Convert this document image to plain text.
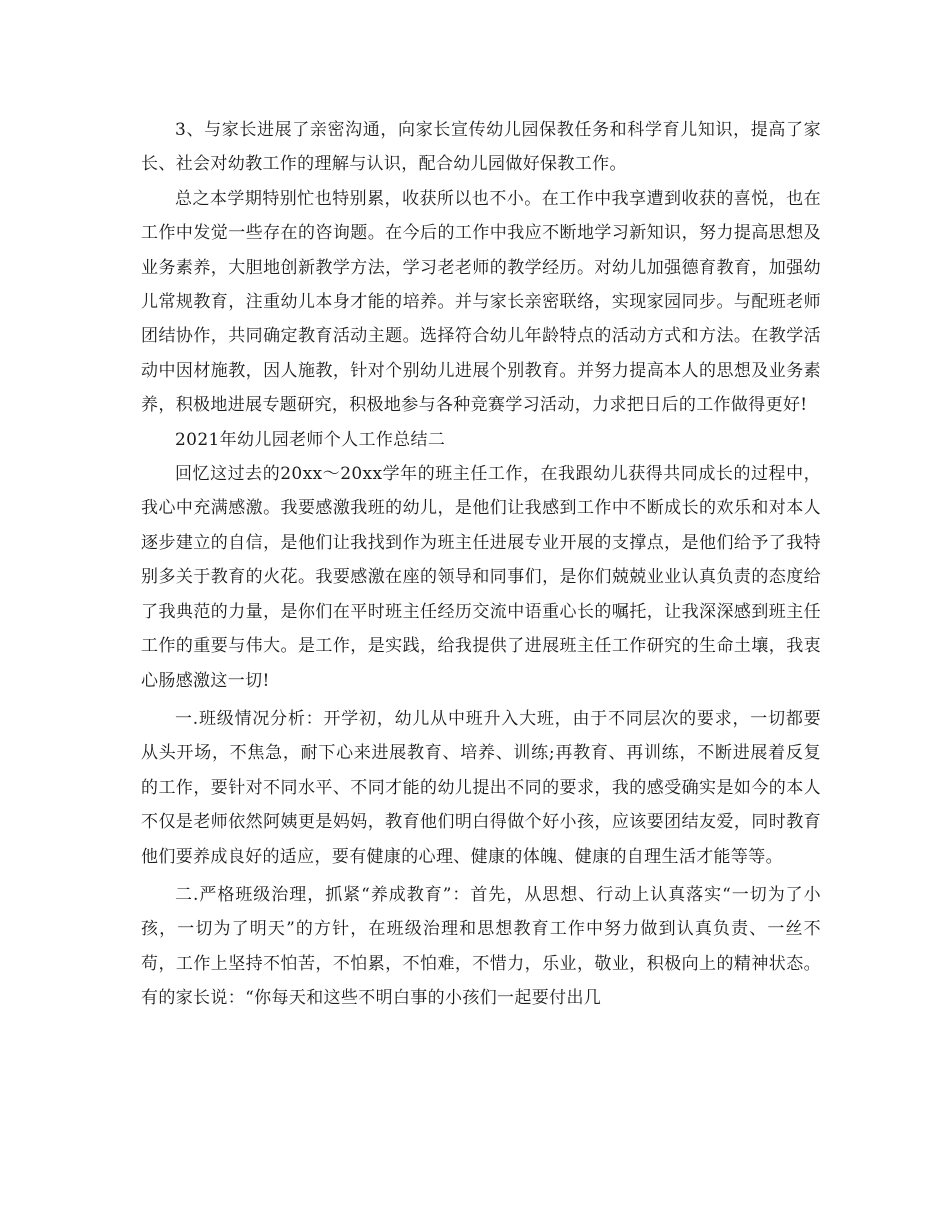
3、与家长进展了亲密沟通，向家长宣传幼儿园保教任务和科学育儿知识，提高了家长、社会对幼教工作的理解与认识，配合幼儿园做好保教工作。

总之本学期特别忙也特别累，收获所以也不小。在工作中我享遭到收获的喜悦，也在工作中发觉一些存在的咨询题。在今后的工作中我应不断地学习新知识，努力提高思想及业务素养，大胆地创新教学方法，学习老老师的教学经历。对幼儿加强德育教育，加强幼儿常规教育，注重幼儿本身才能的培养。并与家长亲密联络，实现家园同步。与配班老师团结协作，共同确定教育活动主题。选择符合幼儿年龄特点的活动方式和方法。在教学活动中因材施教，因人施教，针对个别幼儿进展个别教育。并努力提高本人的思想及业务素养，积极地进展专题研究，积极地参与各种竞赛学习活动，力求把日后的工作做得更好!

2021年幼儿园老师个人工作总结二

回忆这过去的20xx～20xx学年的班主任工作，在我跟幼儿获得共同成长的过程中，我心中充满感激。我要感激我班的幼儿，是他们让我感到工作中不断成长的欢乐和对本人逐步建立的自信，是他们让我找到作为班主任进展专业开展的支撑点，是他们给予了我特别多关于教育的火花。我要感激在座的领导和同事们，是你们兢兢业业认真负责的态度给了我典范的力量，是你们在平时班主任经历交流中语重心长的嘱托，让我深深感到班主任工作的重要与伟大。是工作，是实践，给我提供了进展班主任工作研究的生命土壤，我衷心肠感激这一切!

一.班级情况分析：开学初，幼儿从中班升入大班，由于不同层次的要求，一切都要从头开场，不焦急，耐下心来进展教育、培养、训练;再教育、再训练，不断进展着反复的工作，要针对不同水平、不同才能的幼儿提出不同的要求，我的感受确实是如今的本人不仅是老师依然阿姨更是妈妈，教育他们明白得做个好小孩，应该要团结友爱，同时教育他们要养成良好的适应，要有健康的心理、健康的体魄、健康的自理生活才能等等。

二.严格班级治理，抓紧“养成教育”：首先，从思想、行动上认真落实“一切为了小孩，一切为了明天”的方针，在班级治理和思想教育工作中努力做到认真负责、一丝不苟，工作上坚持不怕苦，不怕累，不怕难，不惜力，乐业，敬业，积极向上的精神状态。有的家长说：“你每天和这些不明白事的小孩们一起要付出几
